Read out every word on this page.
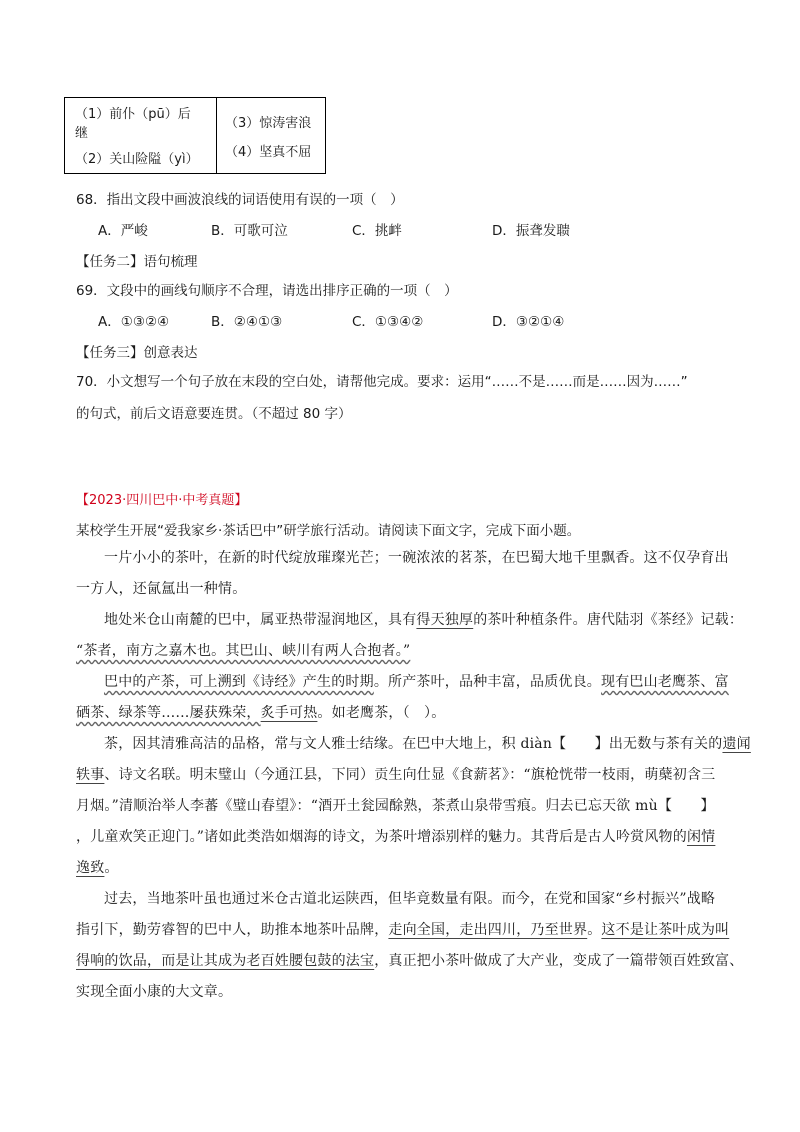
（1）前仆（pū）后
继
（2）关山险隘（yì）
（3）惊涛害浪
（4）坚真不屈
68．指出文段中画波浪线的词语使用有误的一项（　）
A．严峻	B．可歌可泣	C．挑衅	D．振聋发聩
【任务二】语句梳理
69．文段中的画线句顺序不合理，请选出排序正确的一项（　）
A．①③②④	B．②④①③	C．①③④②	D．③②①④
【任务三】创意表达
70．小文想写一个句子放在末段的空白处，请帮他完成。要求：运用“……不是……而是……因为……”
的句式，前后文语意要连贯。（不超过 80 字）
【2023·四川巴中·中考真题】
某校学生开展“爱我家乡·茶话巴中”研学旅行活动。请阅读下面文字，完成下面小题。
一片小小的茶叶，在新的时代绽放璀璨光芒；一碗浓浓的茗茶，在巴蜀大地千里飘香。这不仅孕育出
一方人，还氤氲出一种情。
地处米仓山南麓的巴中，属亚热带湿润地区，具有得天独厚的茶叶种植条件。唐代陆羽《茶经》记载：
“茶者，南方之嘉木也。其巴山、峡川有两人合抱者。”
巴中的产茶，可上溯到《诗经》产生的时期。所产茶叶，品种丰富，品质优良。现有巴山老鹰茶、富
硒茶、绿茶等……屡获殊荣，炙手可热。如老鹰茶，（　）。
茶，因其清雅高洁的品格，常与文人雅士结缘。在巴中大地上，积 diàn【　　】出无数与茶有关的遗闻
轶事、诗文名联。明末璧山（今通江县，下同）贡生向仕显《食薪茗》：“旗枪恍带一枝雨，萌蘖初含三
月烟。”清顺治举人李蕃《璧山春望》：“酒开土瓮园酴熟，茶煮山泉带雪痕。归去已忘天欲 mù【　　】
，儿童欢笑正迎门。”诸如此类浩如烟海的诗文，为茶叶增添别样的魅力。其背后是古人吟赏风物的闲情
逸致。
过去，当地茶叶虽也通过米仓古道北运陕西，但毕竟数量有限。而今，在党和国家“乡村振兴”战略
指引下，勤劳睿智的巴中人，助推本地茶叶品牌，走向全国，走出四川，乃至世界。这不是让茶叶成为叫
得响的饮品，而是让其成为老百姓腰包鼓的法宝，真正把小茶叶做成了大产业，变成了一篇带领百姓致富、
实现全面小康的大文章。
